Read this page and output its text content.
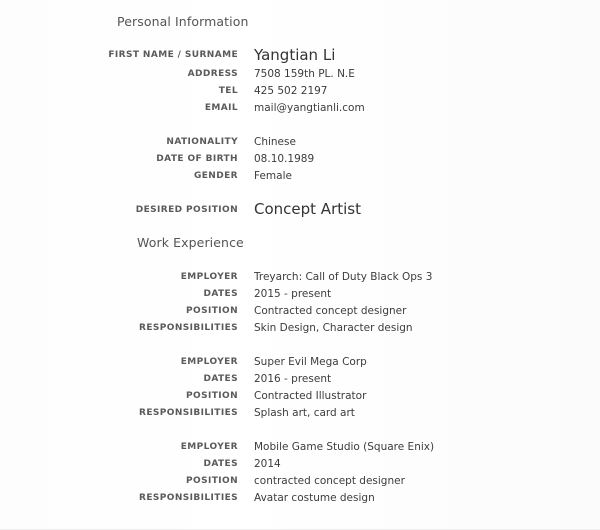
Personal Information
FIRST NAME / SURNAME Yangtian Li
ADDRESS 7508 159th PL. N.E
TEL 425 502 2197
EMAIL mail@yangtianli.com
NATIONALITY Chinese
DATE OF BIRTH 08.10.1989
GENDER Female
DESIRED POSITION Concept Artist
Work Experience
EMPLOYER Treyarch: Call of Duty Black Ops 3
DATES 2015 - present
POSITION Contracted concept designer
RESPONSIBILITIES Skin Design, Character design
EMPLOYER Super Evil Mega Corp
DATES 2016 - present
POSITION Contracted Illustrator
RESPONSIBILITIES Splash art, card art
EMPLOYER Mobile Game Studio (Square Enix)
DATES 2014
POSITION contracted concept designer
RESPONSIBILITIES Avatar costume design
